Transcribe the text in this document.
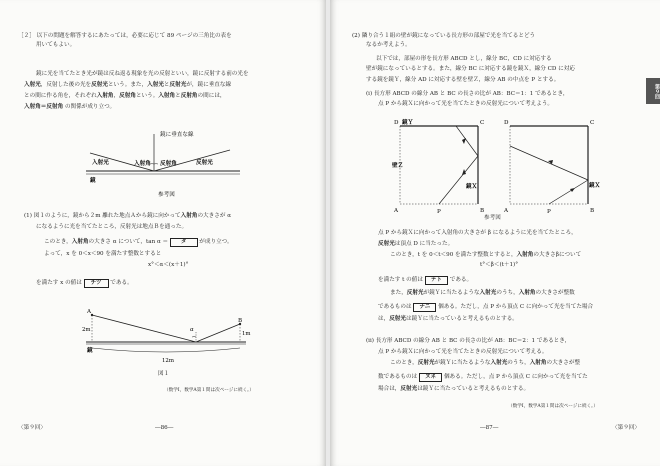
［２］ 以下の問題を解答するにあたっては，必要に応じて 89 ページの三角比の表を
用いてもよい。
鏡に光を当てたとき光が鏡は反ね返る現象を光の反射といい，鏡に反射する前の光を
入射光，反射した後の光を反射光という。また，入射光と反射光が，鏡に垂直な線
との間に作る角を，それぞれ入射角，反射角という。入射角と反射角の間には，
入射角＝反射角 の関係が成り立つ。
鏡に垂直な線
入射光	入射角 反射角	反射光
鏡
参考図
(1) 図１のように，鏡から２m 離れた地点Ａから鏡に向かって入射角の大きさが α
になるように光を当てたところ，反射光は地点Ｂを通った。
このとき，入射角の大きさ α について，tan α ＝ タ が成り立つ。
よって，x を 0＜x＜90 を満たす整数とすると
x°＜α＜(x＋1)°
を満たす x の値は チツ である。
A
B
2m
1m
鏡
12m
α
図１
（数学Ⅰ，数学A第１問は次ページに続く。）
〈第９回〉	―86―
第９回
(2) 隣り合う１組の壁が鏡になっている長方形の部屋で光を当てるとどう
なるか考えよう。
以下では，部屋の形を長方形 ABCD とし，線分 BC，CD に対応する
壁が鏡になっているとする。また，線分 BC に対応する鏡を鏡Ｘ，線分 CD に対応
する鏡を鏡Ｙ，線分 AD に対応する壁を壁Ｚ，線分 AB の中点を P とする。
(i) 長方形 ABCD の線分 AB と BC の長さの比が AB：BC＝1：1 であるとき，
点 P から鏡Ｘに向かって光を当てたときの反射光について考えよう。
D	C
A	B
P
鏡Ｙ
壁Ｚ
鏡Ｘ
D	C
A	B
P
鏡Ｘ
参考図
点 P から鏡Ｘに向かって入射角の大きさが β になるように光を当てたところ，
反射光は頂点 D に当たった。
このとき，t を 0＜t＜90 を満たす整数とすると，入射角の大きさβについて
t°＜β＜(t＋1)°
を満たす t の値は テト である。
また，反射光が鏡Ｙに当たるような入射光のうち，入射角の大きさが整数
であるものは ナニ 個ある。ただし，点 P から頂点 C に向かって光を当てた場合
は，反射光は鏡Ｙに当たっていると考えるものとする。
(ii) 長方形 ABCD の線分 AB と BC の長さの比が AB：BC＝2：1 であるとき，
点 P から鏡Ｘに向かって光を当てたときの反射光について考える。
このとき，反射光が鏡Ｙに当たるような入射光のうち，入射角の大きさが整
数であるものは ヌネ 個ある。ただし，点 P から頂点 C に向かって光を当てた
場合は，反射光は鏡Ｙに当たっていると考えるものとする。
（数学Ⅰ，数学A第１問は次ページに続く。）
―87―	〈第９回〉
